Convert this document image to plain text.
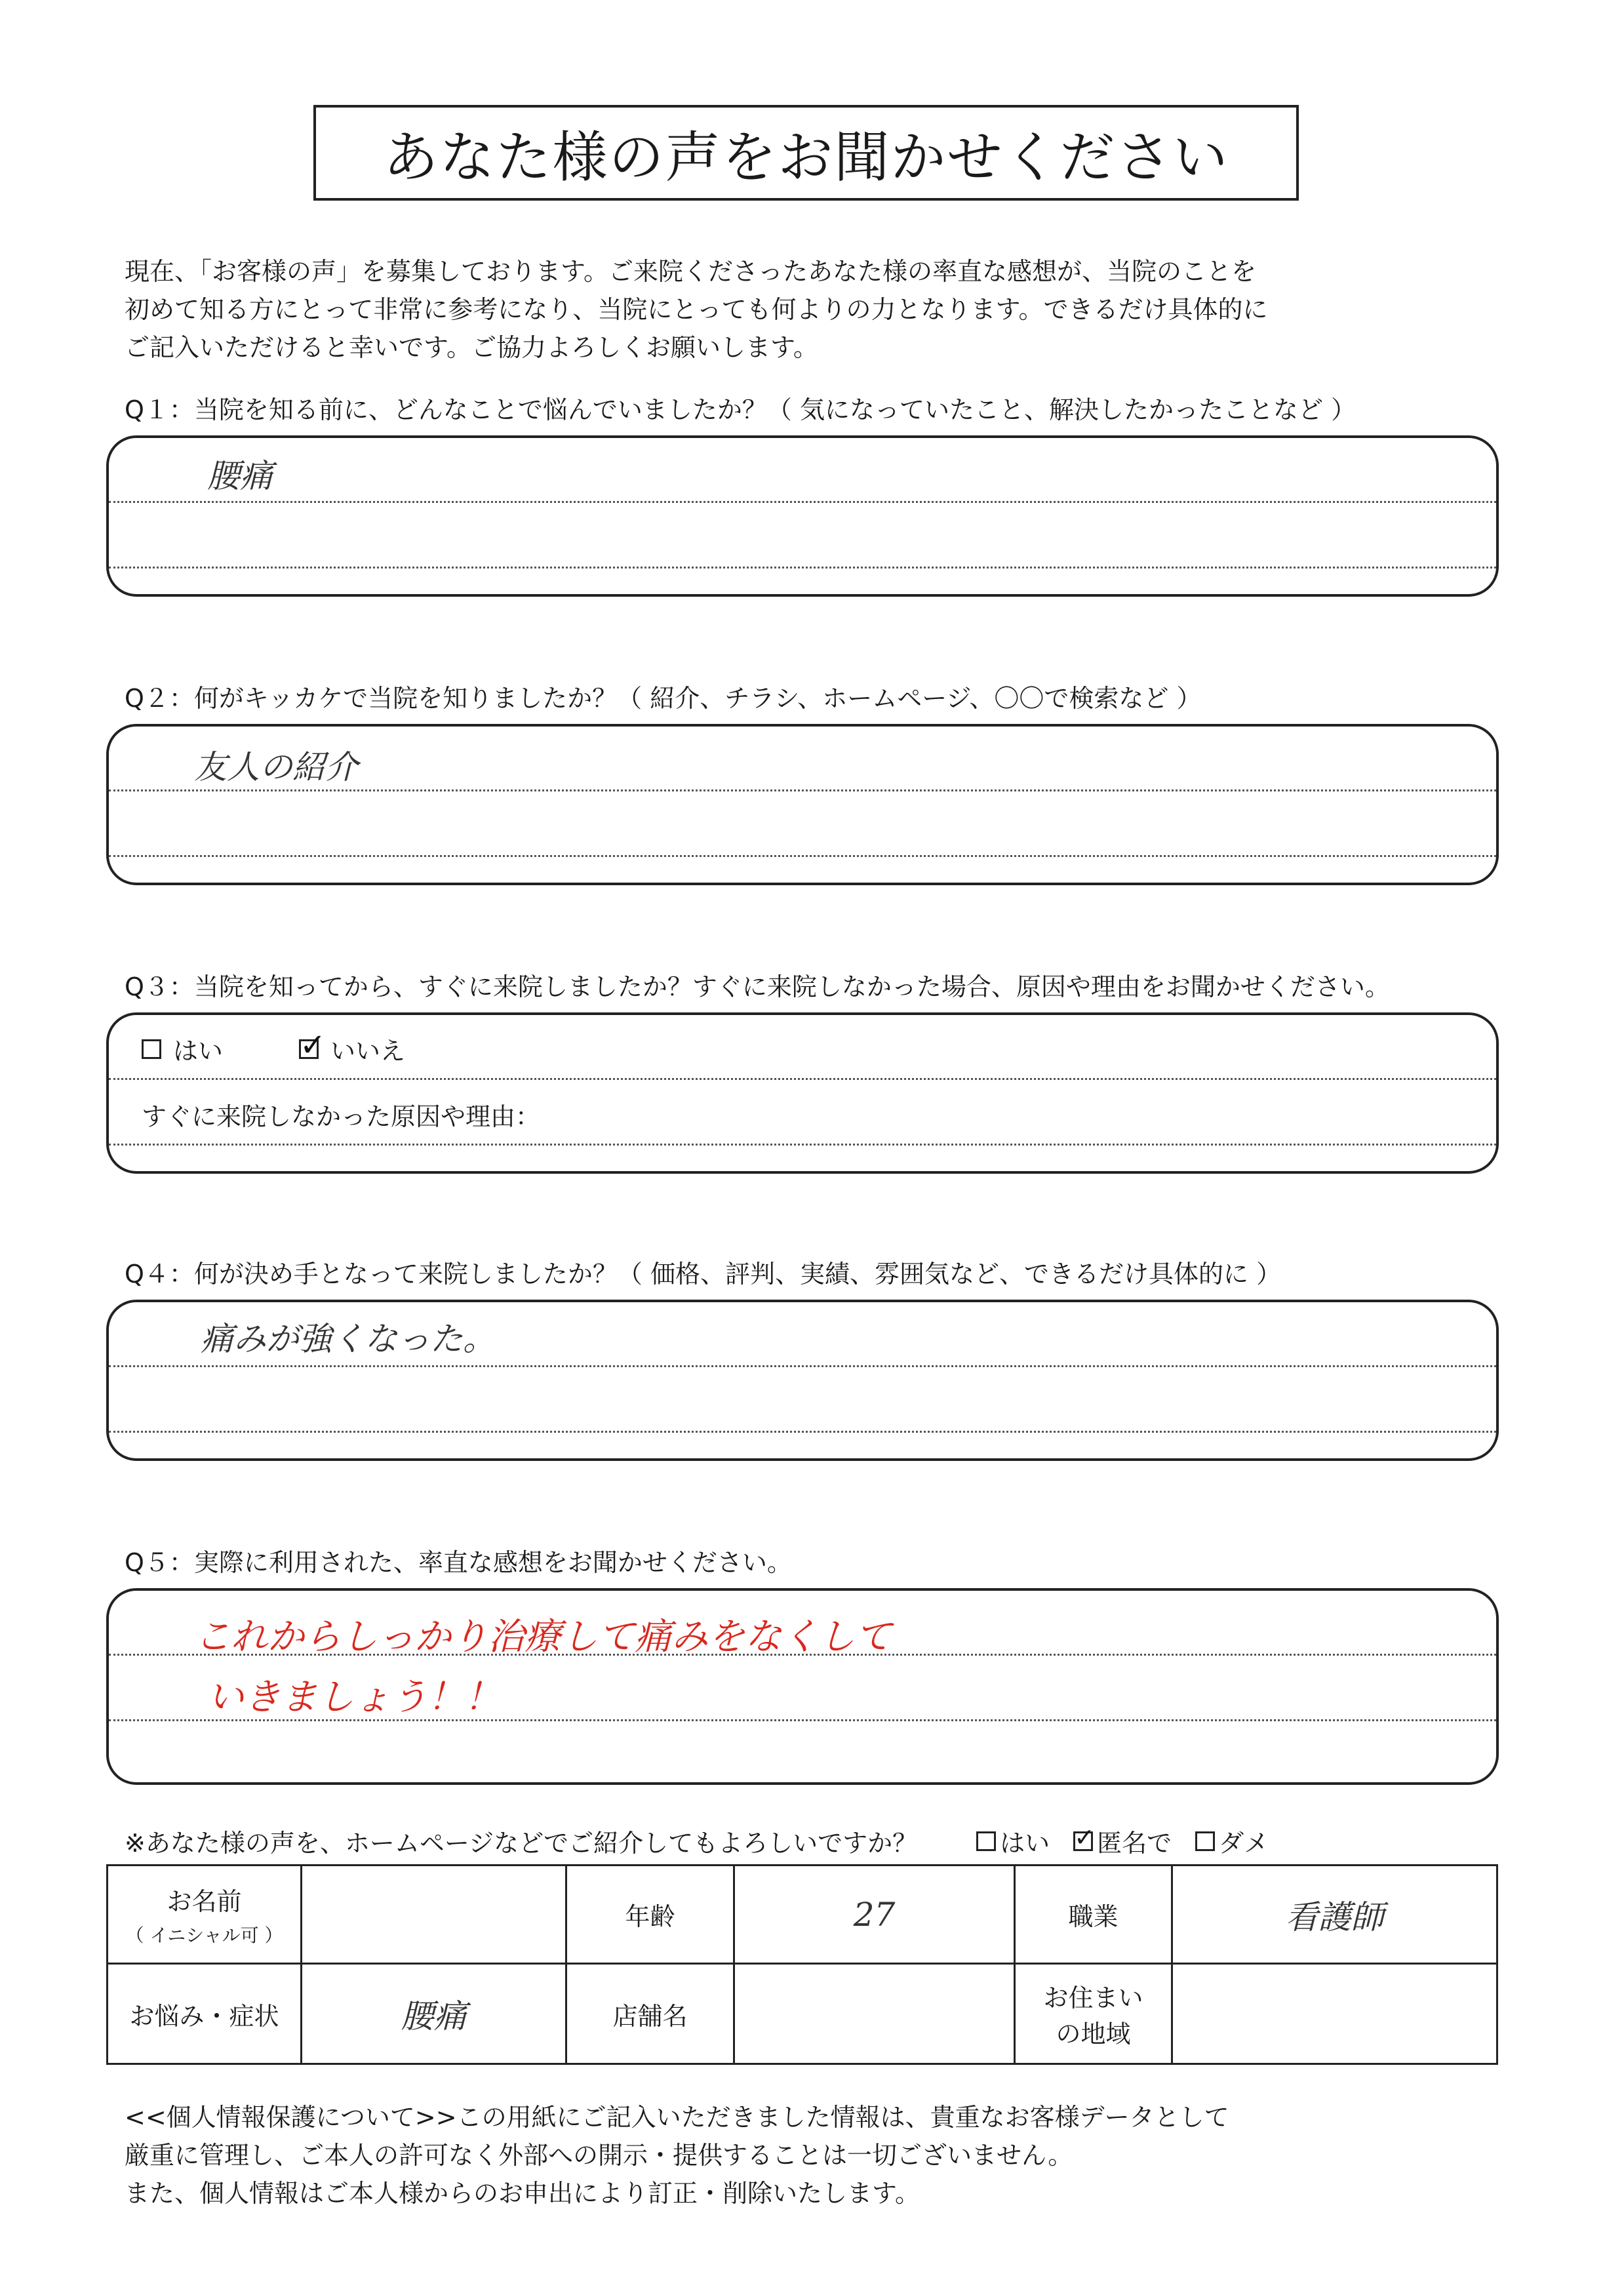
あなた様の声をお聞かせください
現在、「お客様の声」を募集しております。ご来院くださったあなた様の率直な感想が、当院のことを
初めて知る方にとって非常に参考になり、当院にとっても何よりの力となります。できるだけ具体的に
ご記入いただけると幸いです。ご協力よろしくお願いします。
Q１：当院を知る前に、どんなことで悩んでいましたか？（ 気になっていたこと、解決したかったことなど ）
腰痛
Q２：何がキッカケで当院を知りましたか？（ 紹介、チラシ、ホームページ、〇〇で検索など ）
友人の紹介
Q３：当院を知ってから、すぐに来院しましたか？すぐに来院しなかった場合、原因や理由をお聞かせください。
はい ✓	いいえ
すぐに来院しなかった原因や理由：
Q４：何が決め手となって来院しましたか？（ 価格、評判、実績、雰囲気など、できるだけ具体的に ）
痛みが強くなった。
Q５：実際に利用された、率直な感想をお聞かせください。
これからしっかり治療して痛みをなくして
いきましょう！！
※あなた様の声を、ホームページなどでご紹介してもよろしいですか？	はい ✓ 匿名で ダメ
お名前
（ イニシャル可 ）		年齢	27	職業	看護師
お悩み・症状	腰痛	店舗名		お住まい
の地域	
<<個人情報保護について>>この用紙にご記入いただきました情報は、貴重なお客様データとして
厳重に管理し、ご本人の許可なく外部への開示・提供することは一切ございません。
また、個人情報はご本人様からのお申出により訂正・削除いたします。
